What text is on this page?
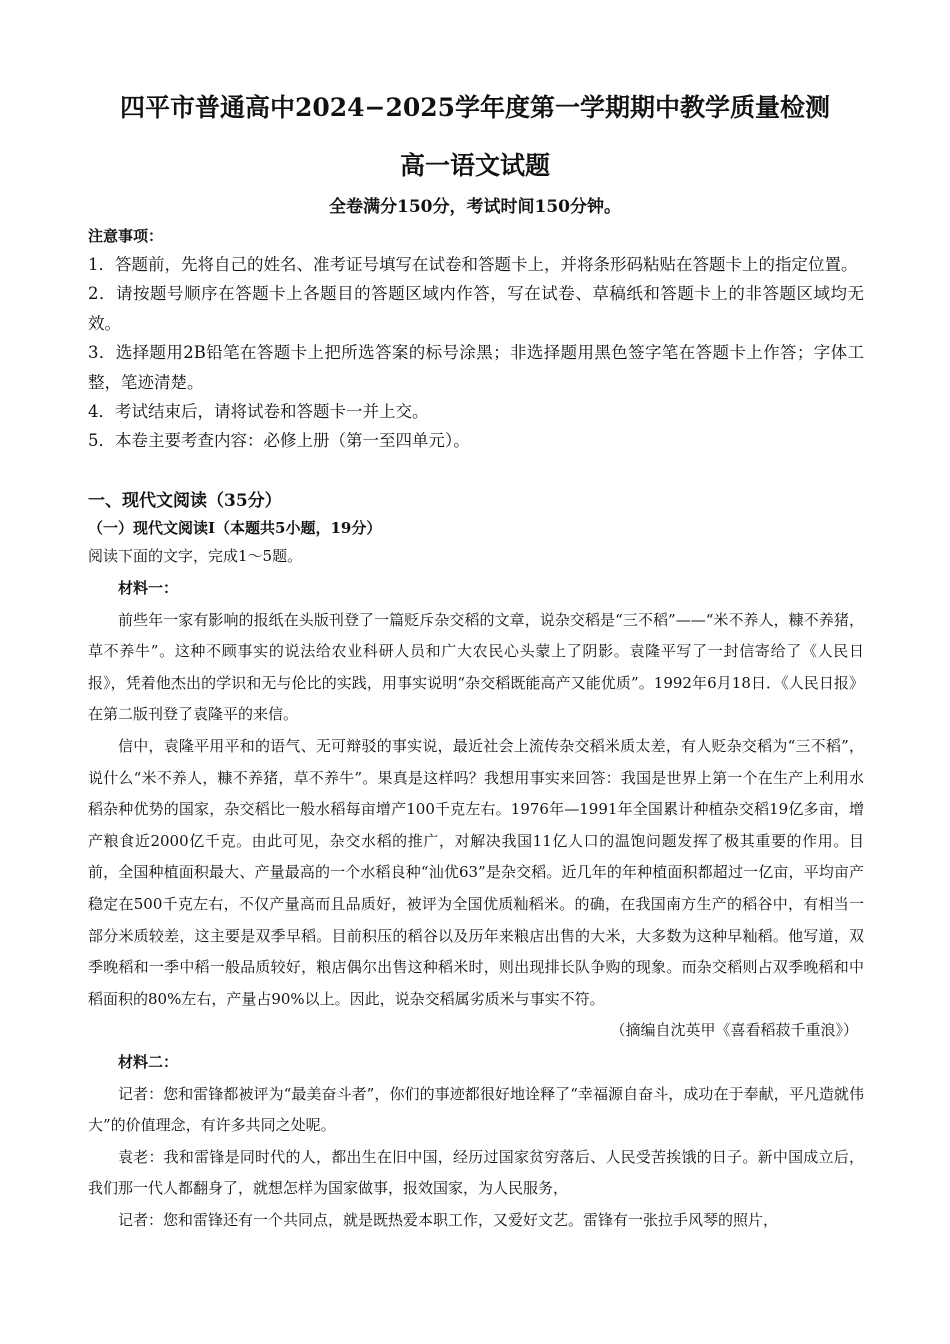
四平市普通高中2024−2025学年度第一学期期中教学质量检测
高一语文试题
全卷满分150分，考试时间150分钟。
注意事项：

1．答题前，先将自己的姓名、准考证号填写在试卷和答题卡上，并将条形码粘贴在答题卡上的指定位置。

2．请按题号顺序在答题卡上各题目的答题区域内作答，写在试卷、草稿纸和答题卡上的非答题区域均无效。

3．选择题用2B铅笔在答题卡上把所选答案的标号涂黑；非选择题用黑色签字笔在答题卡上作答；字体工整，笔迹清楚。

4．考试结束后，请将试卷和答题卡一并上交。

5．本卷主要考查内容：必修上册（第一至四单元）。

一、现代文阅读（35分）
（一）现代文阅读Ⅰ（本题共5小题，19分）
阅读下面的文字，完成1～5题。

材料一：

前些年一家有影响的报纸在头版刊登了一篇贬斥杂交稻的文章，说杂交稻是“三不稻”——“米不养人，糠不养猪，草不养牛”。这种不顾事实的说法给农业科研人员和广大农民心头蒙上了阴影。袁隆平写了一封信寄给了《人民日报》，凭着他杰出的学识和无与伦比的实践，用事实说明“杂交稻既能高产又能优质”。1992年6月18日．《人民日报》在第二版刊登了袁隆平的来信。

信中，袁隆平用平和的语气、无可辩驳的事实说，最近社会上流传杂交稻米质太差，有人贬杂交稻为“三不稻”，说什么“米不养人，糠不养猪，草不养牛”。果真是这样吗？我想用事实来回答：我国是世界上第一个在生产上利用水稻杂种优势的国家，杂交稻比一般水稻每亩增产100千克左右。1976年—1991年全国累计种植杂交稻19亿多亩，增产粮食近2000亿千克。由此可见，杂交水稻的推广，对解决我国11亿人口的温饱问题发挥了极其重要的作用。目前，全国种植面积最大、产量最高的一个水稻良种“汕优63”是杂交稻。近几年的年种植面积都超过一亿亩，平均亩产稳定在500千克左右，不仅产量高而且品质好，被评为全国优质籼稻米。的确，在我国南方生产的稻谷中，有相当一部分米质较差，这主要是双季早稻。目前积压的稻谷以及历年来粮店出售的大米，大多数为这种早籼稻。他写道，双季晚稻和一季中稻一般品质较好，粮店偶尔出售这种稻米时，则出现排长队争购的现象。而杂交稻则占双季晚稻和中稻面积的80%左右，产量占90%以上。因此，说杂交稻属劣质米与事实不符。

（摘编自沈英甲《喜看稻菽千重浪》）

材料二：

记者：您和雷锋都被评为“最美奋斗者”，你们的事迹都很好地诠释了“幸福源自奋斗，成功在于奉献，平凡造就伟大”的价值理念，有许多共同之处呢。

袁老：我和雷锋是同时代的人，都出生在旧中国，经历过国家贫穷落后、人民受苦挨饿的日子。新中国成立后，我们那一代人都翻身了，就想怎样为国家做事，报效国家，为人民服务，

记者：您和雷锋还有一个共同点，就是既热爱本职工作，又爱好文艺。雷锋有一张拉手风琴的照片，
